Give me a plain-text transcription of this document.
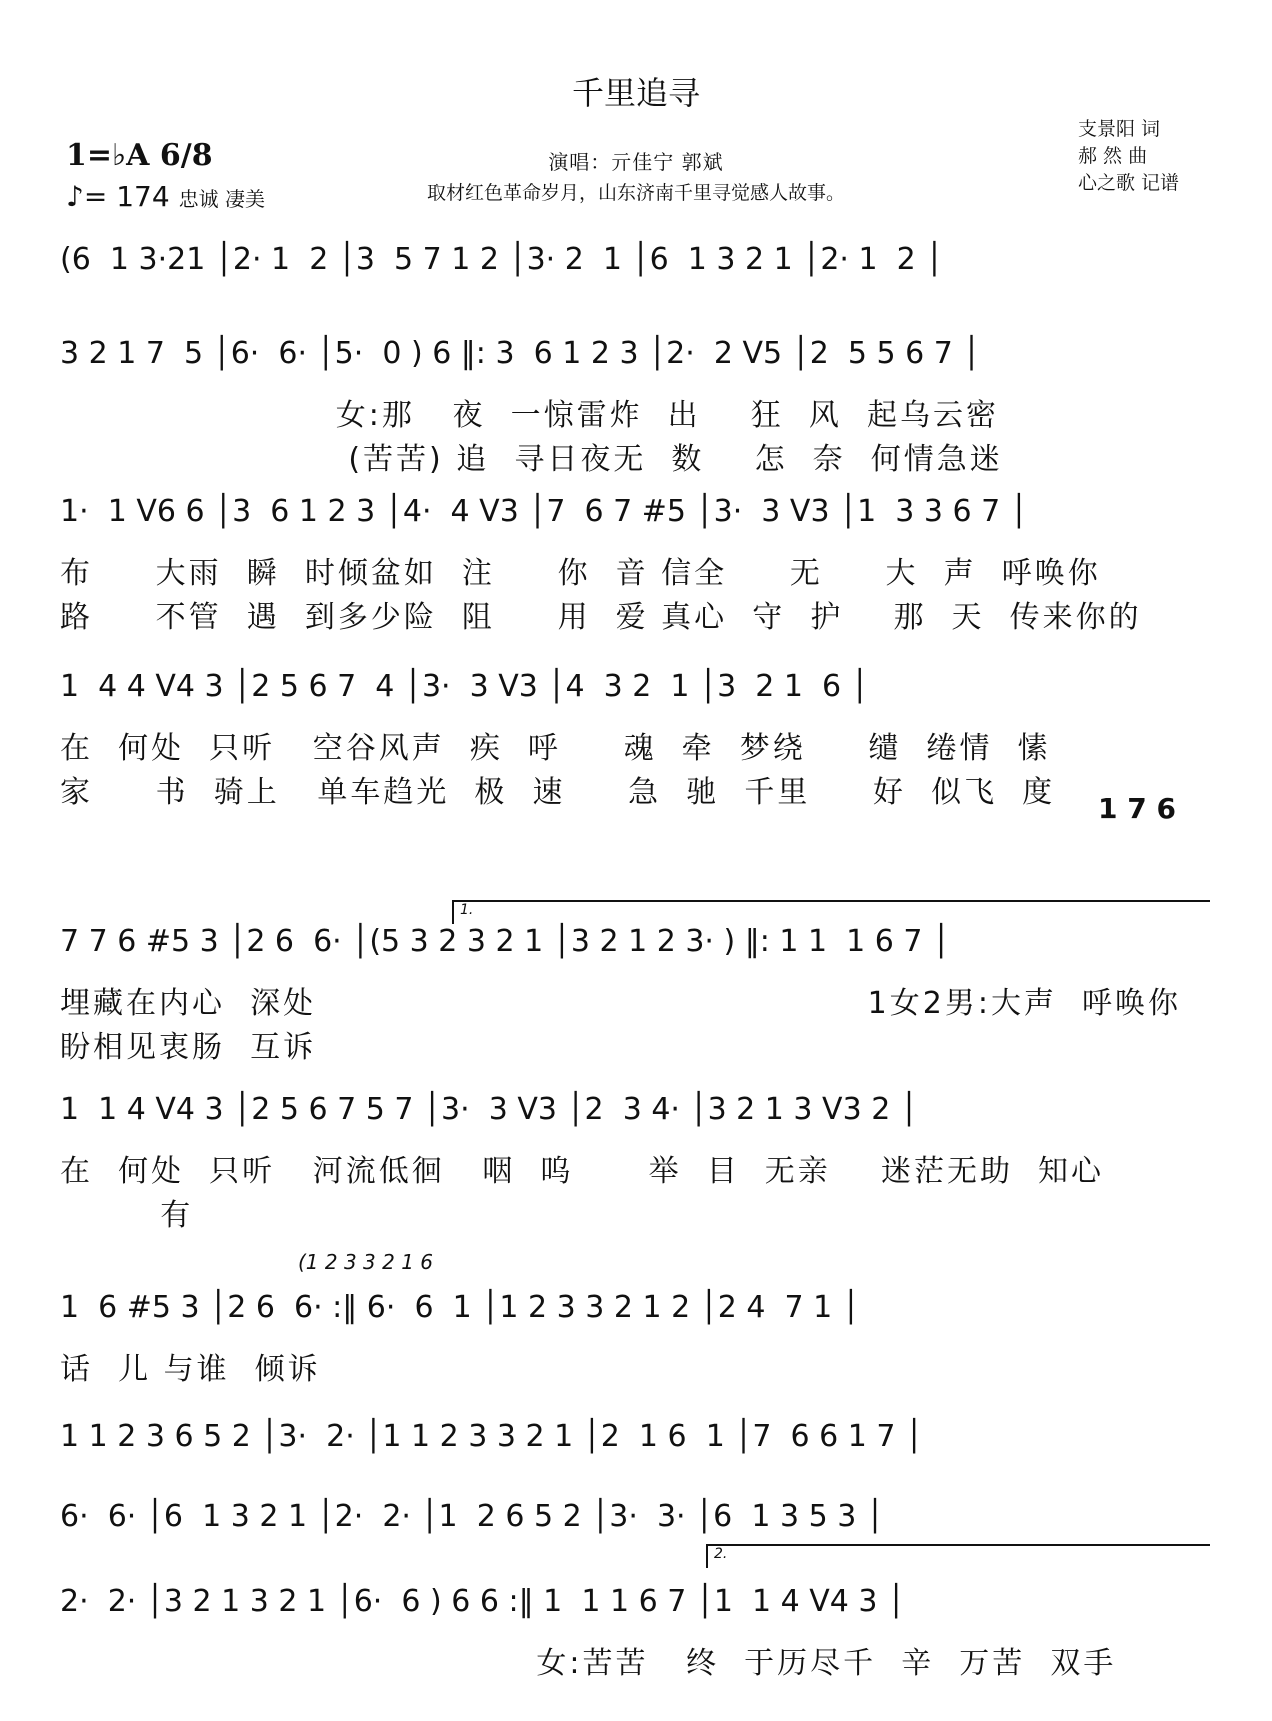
千里追寻
1=♭A 6/8
♪= 174 忠诚 凄美
演唱：亓佳宁 郭斌
取材红色革命岁月，山东济南千里寻觉感人故事。
支景阳 词
郝 然 曲
心之歌 记谱
(6  1 3·21 │2· 1  2 │3  5 7 1 2 │3· 2  1 │6  1 3 2 1 │2· 1  2 │
3 2 1 7  5 │6·  6· │5·  0 ) 6 ‖: 3  6 1 2 3 │2·  2 V5 │2  5 5 6 7 │
女:那   夜  一惊雷炸  出    狂  风  起乌云密
(苦苦) 追  寻日夜无  数    怎  奈  何情急迷
1·  1 V6 6 │3  6 1 2 3 │4·  4 V3 │7  6 7 #5 │3·  3 V3 │1  3 3 6 7 │
布     大雨  瞬  时倾盆如  注     你  音 信全     无     大  声  呼唤你
路     不管  遇  到多少险  阻     用  爱 真心  守  护    那  天  传来你的
1  4 4 V4 3 │2 5 6 7  4 │3·  3 V3 │4  3 2  1 │3  2 1  6 │
在  何处  只听   空谷风声  疾  呼     魂  牵  梦绕     缱  绻情  愫
家     书  骑上   单车趋光  极  速     急  驰  千里     好  似飞  度
7 7 6 #5 3 │2 6  6· │(5 3 2 3 2 1 │3 2 1 2 3· ) ‖: 1 1  1 6 7 │
埋藏在内心  深处                                            1女2男:大声  呼唤你
盼相见衷肠  互诉
1  1 4 V4 3 │2 5 6 7 5 7 │3·  3 V3 │2  3 4· │3 2 1 3 V3 2 │
在  何处  只听   河流低徊   咽  呜      举  目  无亲    迷茫无助  知心
有
1  6 #5 3 │2 6  6· :‖ 6·  6  1 │1 2 3 3 2 1 2 │2 4  7 1 │
话  儿 与谁  倾诉
1 1 2 3 6 5 2 │3·  2· │1 1 2 3 3 2 1 │2  1 6  1 │7  6 6 1 7 │
6·  6· │6  1 3 2 1 │2·  2· │1  2 6 5 2 │3·  3· │6  1 3 5 3 │
2·  2· │3 2 1 3 2 1 │6·  6 ) 6 6 :‖ 1  1 1 6 7 │1  1 4 V4 3 │
女:苦苦   终  于历尽千  辛  万苦  双手
1 7 6
(1 2 3 3 2 1 6
1.
2.
